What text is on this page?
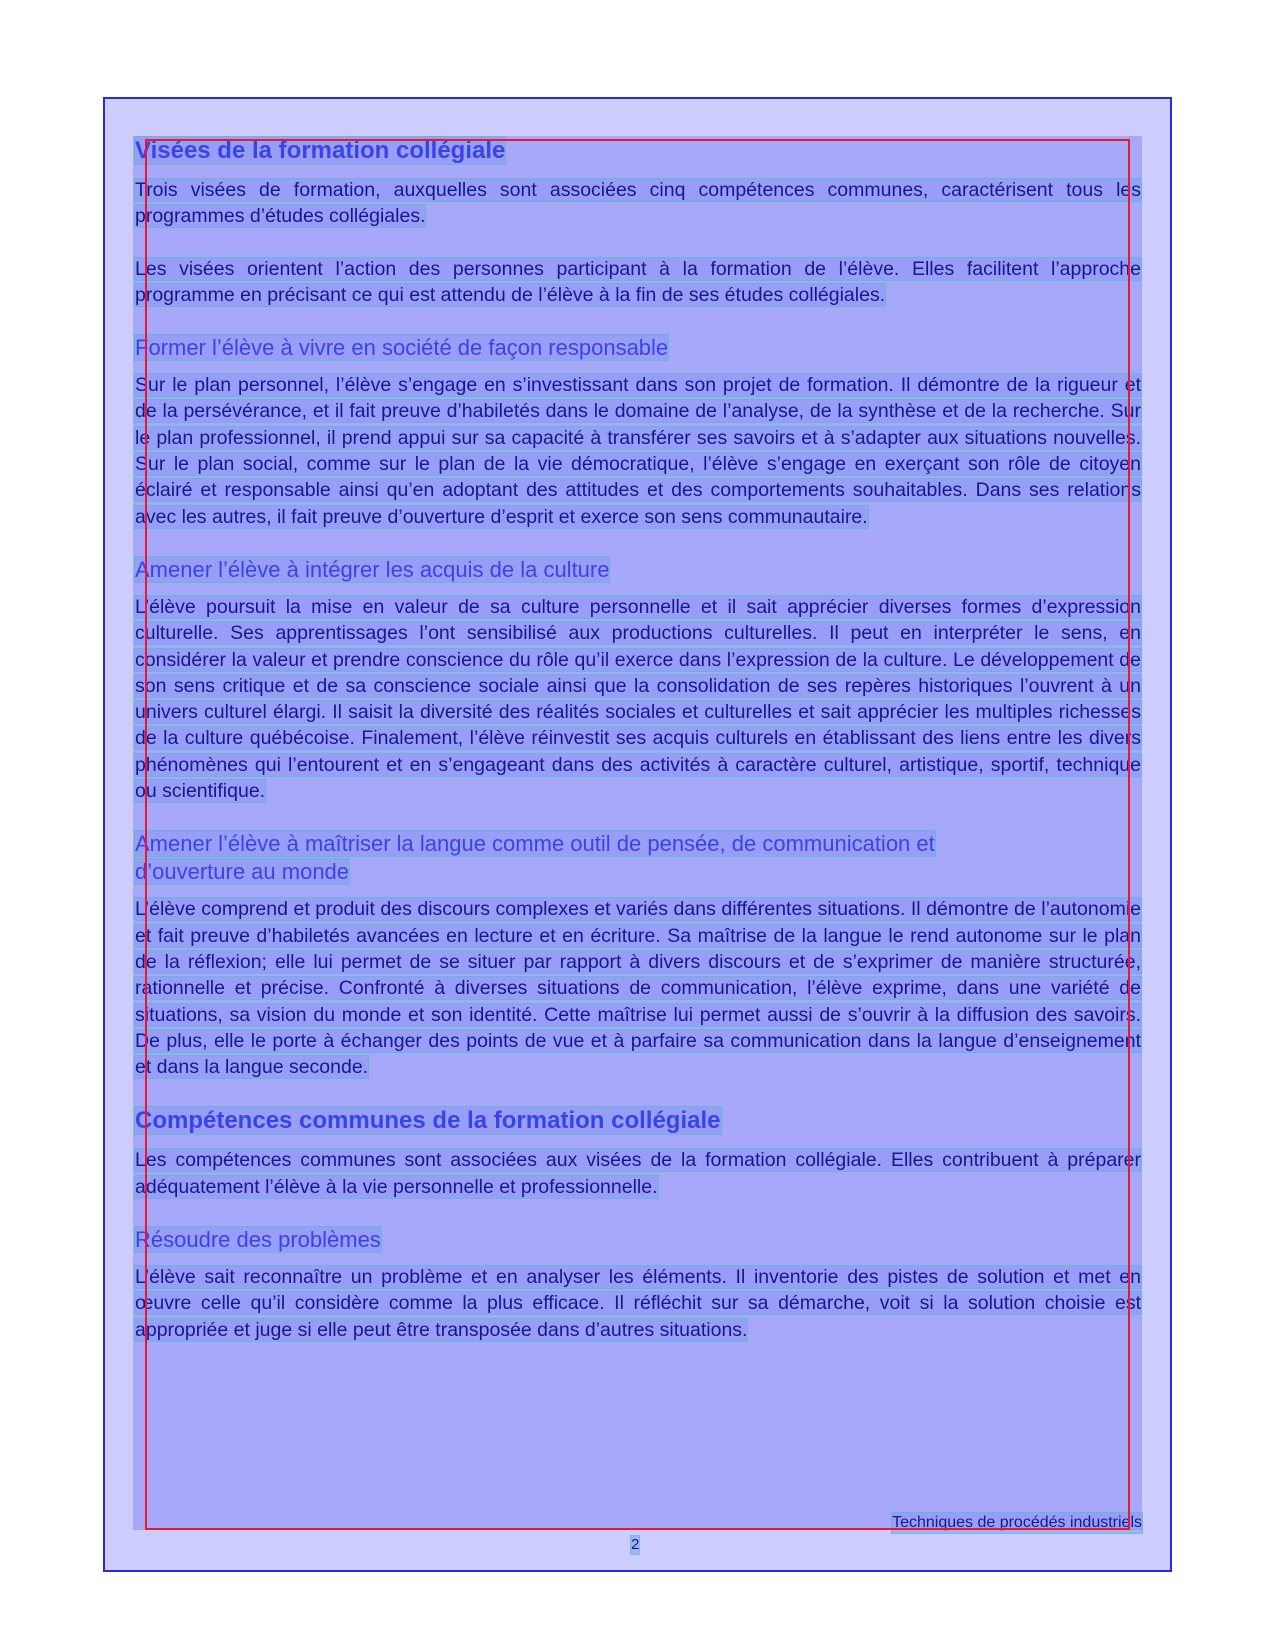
Visées de la formation collégiale

Trois visées de formation, auxquelles sont associées cinq compétences communes, caractérisent tous les programmes d’études collégiales.

Les visées orientent l’action des personnes participant à la formation de l’élève. Elles facilitent l’approche programme en précisant ce qui est attendu de l’élève à la fin de ses études collégiales.

Former l’élève à vivre en société de façon responsable

Sur le plan personnel, l’élève s’engage en s’investissant dans son projet de formation. Il démontre de la rigueur et de la persévérance, et il fait preuve d’habiletés dans le domaine de l’analyse, de la synthèse et de la recherche. Sur le plan professionnel, il prend appui sur sa capacité à transférer ses savoirs et à s’adapter aux situations nouvelles. Sur le plan social, comme sur le plan de la vie démocratique, l’élève s’engage en exerçant son rôle de citoyen éclairé et responsable ainsi qu’en adoptant des attitudes et des comportements souhaitables. Dans ses relations avec les autres, il fait preuve d’ouverture d’esprit et exerce son sens communautaire.

Amener l’élève à intégrer les acquis de la culture

L’élève poursuit la mise en valeur de sa culture personnelle et il sait apprécier diverses formes d’expression culturelle. Ses apprentissages l’ont sensibilisé aux productions culturelles. Il peut en interpréter le sens, en considérer la valeur et prendre conscience du rôle qu’il exerce dans l’expression de la culture. Le développement de son sens critique et de sa conscience sociale ainsi que la consolidation de ses repères historiques l’ouvrent à un univers culturel élargi. Il saisit la diversité des réalités sociales et culturelles et sait apprécier les multiples richesses de la culture québécoise. Finalement, l’élève réinvestit ses acquis culturels en établissant des liens entre les divers phénomènes qui l’entourent et en s’engageant dans des activités à caractère culturel, artistique, sportif, technique ou scientifique.

Amener l’élève à maîtriser la langue comme outil de pensée, de communication et d’ouverture au monde

L’élève comprend et produit des discours complexes et variés dans différentes situations. Il démontre de l’autonomie et fait preuve d’habiletés avancées en lecture et en écriture. Sa maîtrise de la langue le rend autonome sur le plan de la réflexion; elle lui permet de se situer par rapport à divers discours et de s’exprimer de manière structurée, rationnelle et précise. Confronté à diverses situations de communication, l’élève exprime, dans une variété de situations, sa vision du monde et son identité. Cette maîtrise lui permet aussi de s’ouvrir à la diffusion des savoirs. De plus, elle le porte à échanger des points de vue et à parfaire sa communication dans la langue d’enseignement et dans la langue seconde.

Compétences communes de la formation collégiale

Les compétences communes sont associées aux visées de la formation collégiale. Elles contribuent à préparer adéquatement l’élève à la vie personnelle et professionnelle.

Résoudre des problèmes

L’élève sait reconnaître un problème et en analyser les éléments. Il inventorie des pistes de solution et met en œuvre celle qu’il considère comme la plus efficace. Il réfléchit sur sa démarche, voit si la solution choisie est appropriée et juge si elle peut être transposée dans d’autres situations.

Techniques de procédés industriels
2
